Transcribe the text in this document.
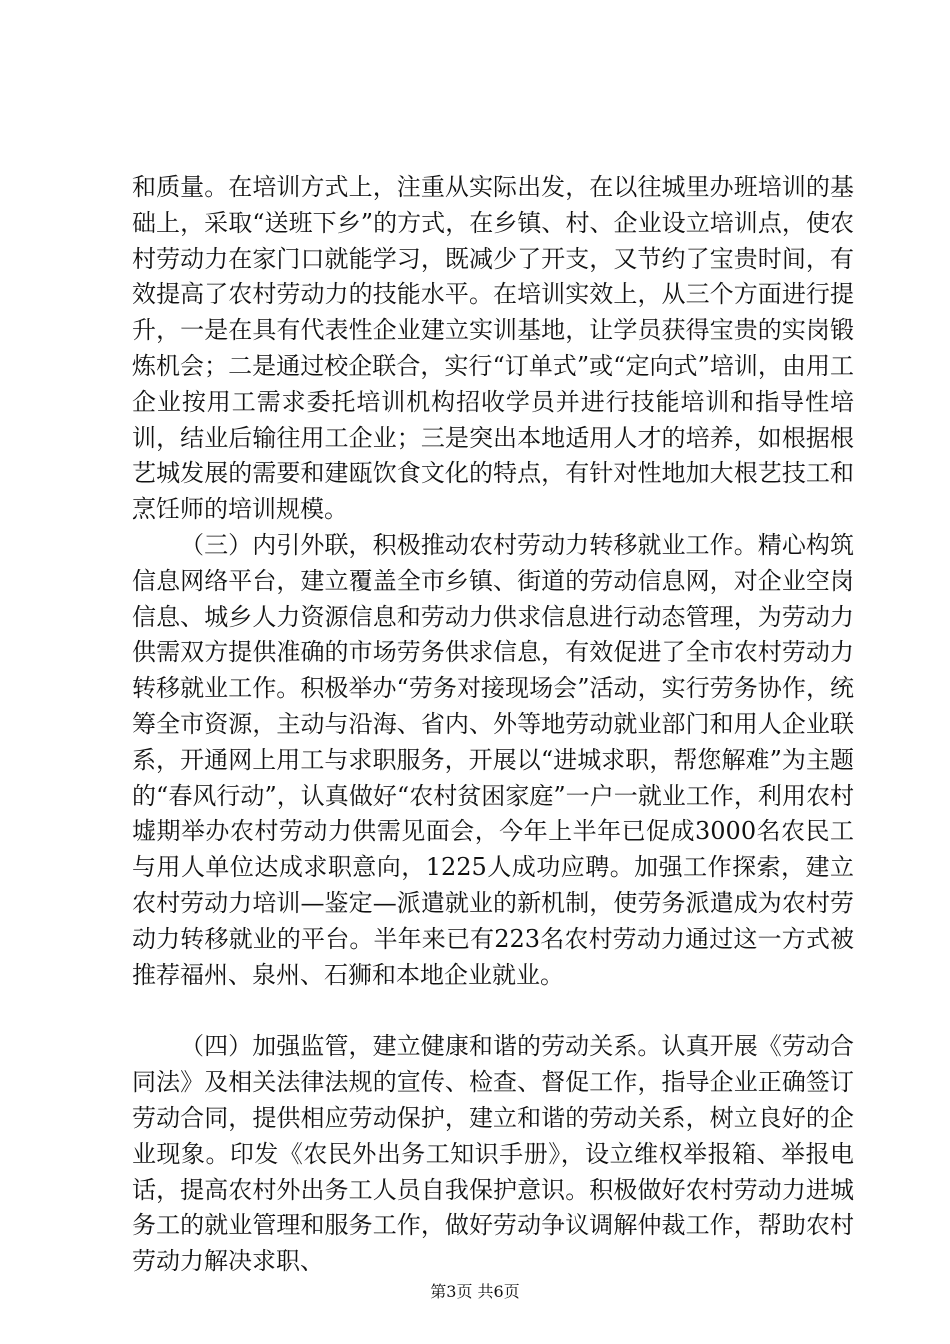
和质量。在培训方式上，注重从实际出发，在以往城里办班培训的基础上，采取“送班下乡”的方式，在乡镇、村、企业设立培训点，使农村劳动力在家门口就能学习，既减少了开支，又节约了宝贵时间，有效提高了农村劳动力的技能水平。在培训实效上，从三个方面进行提升，一是在具有代表性企业建立实训基地，让学员获得宝贵的实岗锻炼机会；二是通过校企联合，实行“订单式”或“定向式”培训，由用工企业按用工需求委托培训机构招收学员并进行技能培训和指导性培训，结业后输往用工企业；三是突出本地适用人才的培养，如根据根艺城发展的需要和建瓯饮食文化的特点，有针对性地加大根艺技工和烹饪师的培训规模。

（三）内引外联，积极推动农村劳动力转移就业工作。精心构筑信息网络平台，建立覆盖全市乡镇、街道的劳动信息网，对企业空岗信息、城乡人力资源信息和劳动力供求信息进行动态管理，为劳动力供需双方提供准确的市场劳务供求信息，有效促进了全市农村劳动力转移就业工作。积极举办“劳务对接现场会”活动，实行劳务协作，统筹全市资源，主动与沿海、省内、外等地劳动就业部门和用人企业联系，开通网上用工与求职服务，开展以“进城求职，帮您解难”为主题的“春风行动”，认真做好“农村贫困家庭”一户一就业工作，利用农村墟期举办农村劳动力供需见面会，今年上半年已促成3000名农民工与用人单位达成求职意向，1225人成功应聘。加强工作探索，建立农村劳动力培训—鉴定—派遣就业的新机制，使劳务派遣成为农村劳动力转移就业的平台。半年来已有223名农村劳动力通过这一方式被推荐福州、泉州、石狮和本地企业就业。

（四）加强监管，建立健康和谐的劳动关系。认真开展《劳动合同法》及相关法律法规的宣传、检查、督促工作，指导企业正确签订劳动合同，提供相应劳动保护，建立和谐的劳动关系，树立良好的企业现象。印发《农民外出务工知识手册》，设立维权举报箱、举报电话，提高农村外出务工人员自我保护意识。积极做好农村劳动力进城务工的就业管理和服务工作，做好劳动争议调解仲裁工作，帮助农村劳动力解决求职、

第3页 共6页
